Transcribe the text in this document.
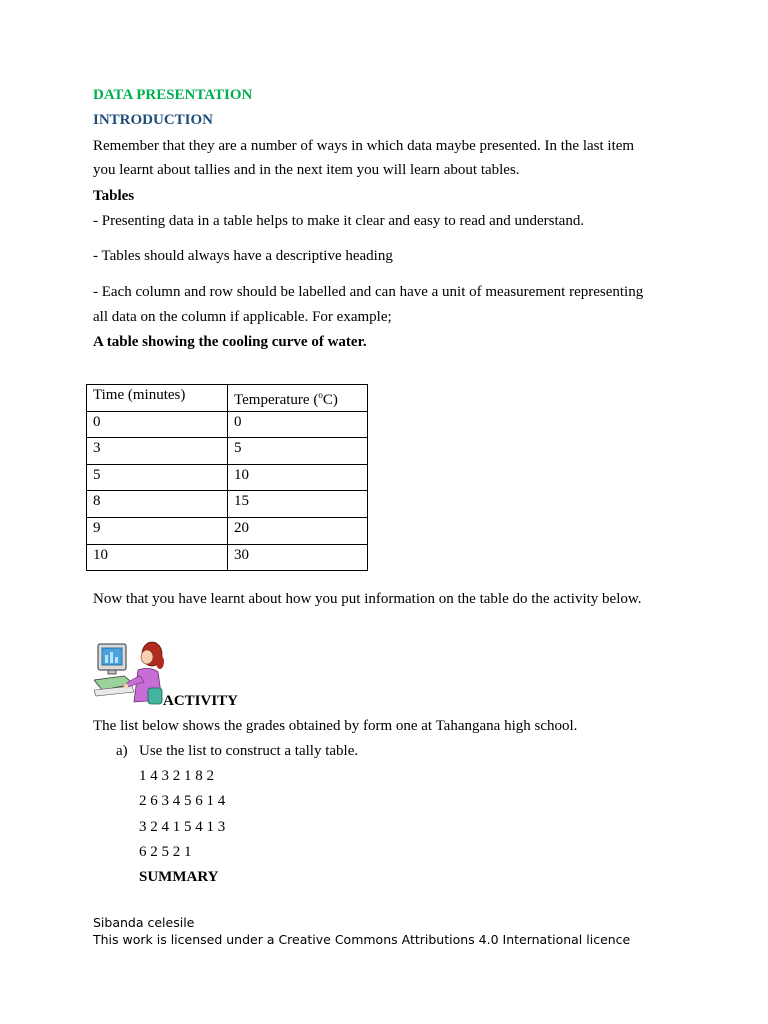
DATA PRESENTATION
INTRODUCTION
Remember that they are a number of ways in which data maybe presented. In the last item
you learnt about tallies and in the next item you will learn about tables.
Tables
- Presenting data in a table helps to make it clear and easy to read and understand.
- Tables should always have a descriptive heading
- Each column and row should be labelled and can have a unit of measurement representing
all data on the column if applicable. For example;
A table showing the cooling curve of water.
Time (minutes)	Temperature ($^o$C)
0	0
3	5
5	10
8	15
9	20
10	30
Now that you have learnt about how you put information on the table do the activity below.
ACTIVITY
The list below shows the grades obtained by form one at Tahangana high school.
a) Use the list to construct a tally table.
1 4 3 2 1 8 2
2 6 3 4 5 6 1 4
3 2 4 1 5 4 1 3
6 2 5 2 1
SUMMARY
Sibanda celesile
This work is licensed under a Creative Commons Attributions 4.0 International licence
